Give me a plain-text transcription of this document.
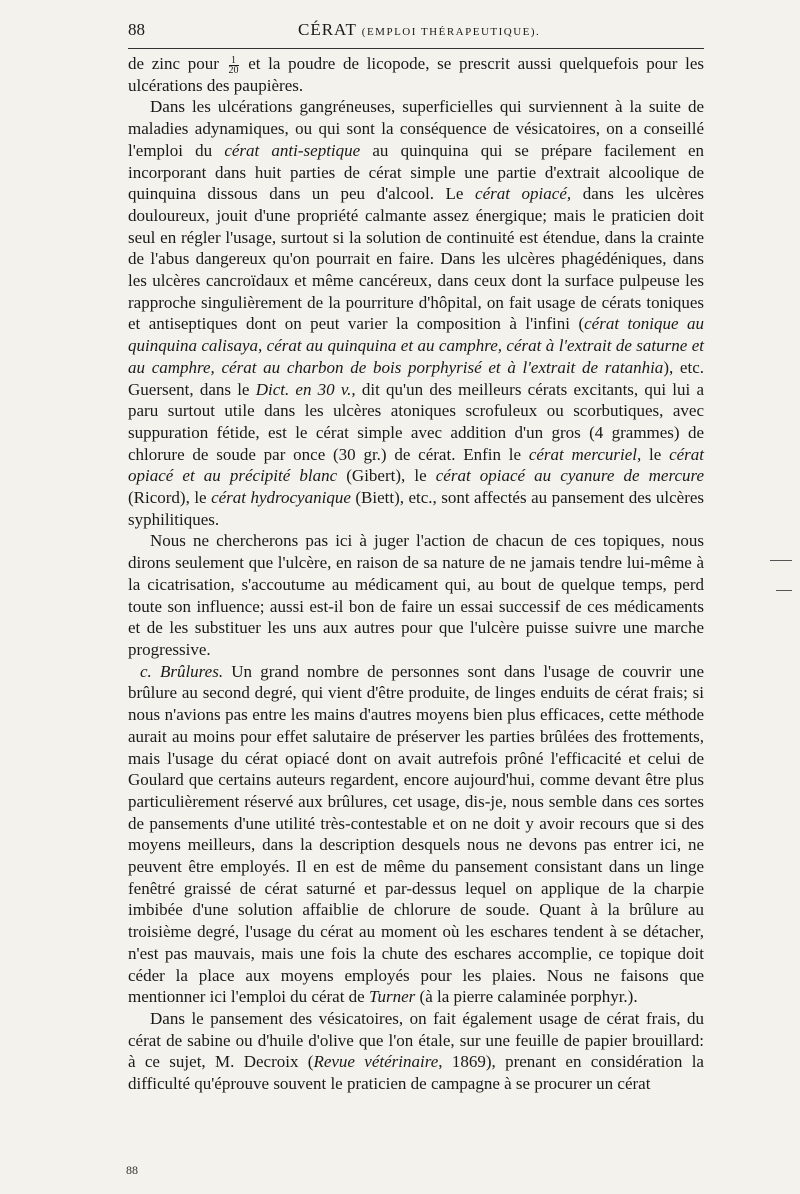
88	CÉRAT (EMPLOI THÉRAPEUTIQUE).

de zinc pour $\frac{1}{20}$ et la poudre de licopode, se prescrit aussi quelquefois pour les ulcérations des paupières.

Dans les ulcérations gangréneuses, superficielles qui surviennent à la suite de maladies adynamiques, ou qui sont la conséquence de vésicatoires, on a conseillé l'emploi du cérat anti-septique au quinquina qui se prépare facilement en incorporant dans huit parties de cérat simple une partie d'extrait alcoolique de quinquina dissous dans un peu d'alcool. Le cérat opiacé, dans les ulcères douloureux, jouit d'une propriété calmante assez énergique; mais le praticien doit seul en régler l'usage, surtout si la solution de continuité est étendue, dans la crainte de l'abus dangereux qu'on pourrait en faire. Dans les ulcères phagédéniques, dans les ulcères cancroïdaux et même cancéreux, dans ceux dont la surface pulpeuse les rapproche singulièrement de la pourriture d'hôpital, on fait usage de cérats toniques et antiseptiques dont on peut varier la composition à l'infini (cérat tonique au quinquina calisaya, cérat au quinquina et au camphre, cérat à l'extrait de saturne et au camphre, cérat au charbon de bois porphyrisé et à l'extrait de ratanhia), etc. Guersent, dans le Dict. en 30 v., dit qu'un des meilleurs cérats excitants, qui lui a paru surtout utile dans les ulcères atoniques scrofuleux ou scorbutiques, avec suppuration fétide, est le cérat simple avec addition d'un gros (4 grammes) de chlorure de soude par once (30 gr.) de cérat. Enfin le cérat mercuriel, le cérat opiacé et au précipité blanc (Gibert), le cérat opiacé au cyanure de mercure (Ricord), le cérat hydrocyanique (Biett), etc., sont affectés au pansement des ulcères syphilitiques.

Nous ne chercherons pas ici à juger l'action de chacun de ces topiques, nous dirons seulement que l'ulcère, en raison de sa nature de ne jamais tendre lui-même à la cicatrisation, s'accoutume au médicament qui, au bout de quelque temps, perd toute son influence; aussi est-il bon de faire un essai successif de ces médicaments et de les substituer les uns aux autres pour que l'ulcère puisse suivre une marche progressive.

c. Brûlures. Un grand nombre de personnes sont dans l'usage de couvrir une brûlure au second degré, qui vient d'être produite, de linges enduits de cérat frais; si nous n'avions pas entre les mains d'autres moyens bien plus efficaces, cette méthode aurait au moins pour effet salutaire de préserver les parties brûlées des frottements, mais l'usage du cérat opiacé dont on avait autrefois prôné l'efficacité et celui de Goulard que certains auteurs regardent, encore aujourd'hui, comme devant être plus particulièrement réservé aux brûlures, cet usage, dis-je, nous semble dans ces sortes de pansements d'une utilité très-contestable et on ne doit y avoir recours que si des moyens meilleurs, dans la description desquels nous ne devons pas entrer ici, ne peuvent être employés. Il en est de même du pansement consistant dans un linge fenêtré graissé de cérat saturné et par-dessus lequel on applique de la charpie imbibée d'une solution affaiblie de chlorure de soude. Quant à la brûlure au troisième degré, l'usage du cérat au moment où les eschares tendent à se détacher, n'est pas mauvais, mais une fois la chute des eschares accomplie, ce topique doit céder la place aux moyens employés pour les plaies. Nous ne faisons que mentionner ici l'emploi du cérat de Turner (à la pierre calaminée porphyr.).

Dans le pansement des vésicatoires, on fait également usage de cérat frais, du cérat de sabine ou d'huile d'olive que l'on étale, sur une feuille de papier brouillard: à ce sujet, M. Decroix (Revue vétérinaire, 1869), prenant en considération la difficulté qu'éprouve souvent le praticien de campagne à se procurer un cérat

88
